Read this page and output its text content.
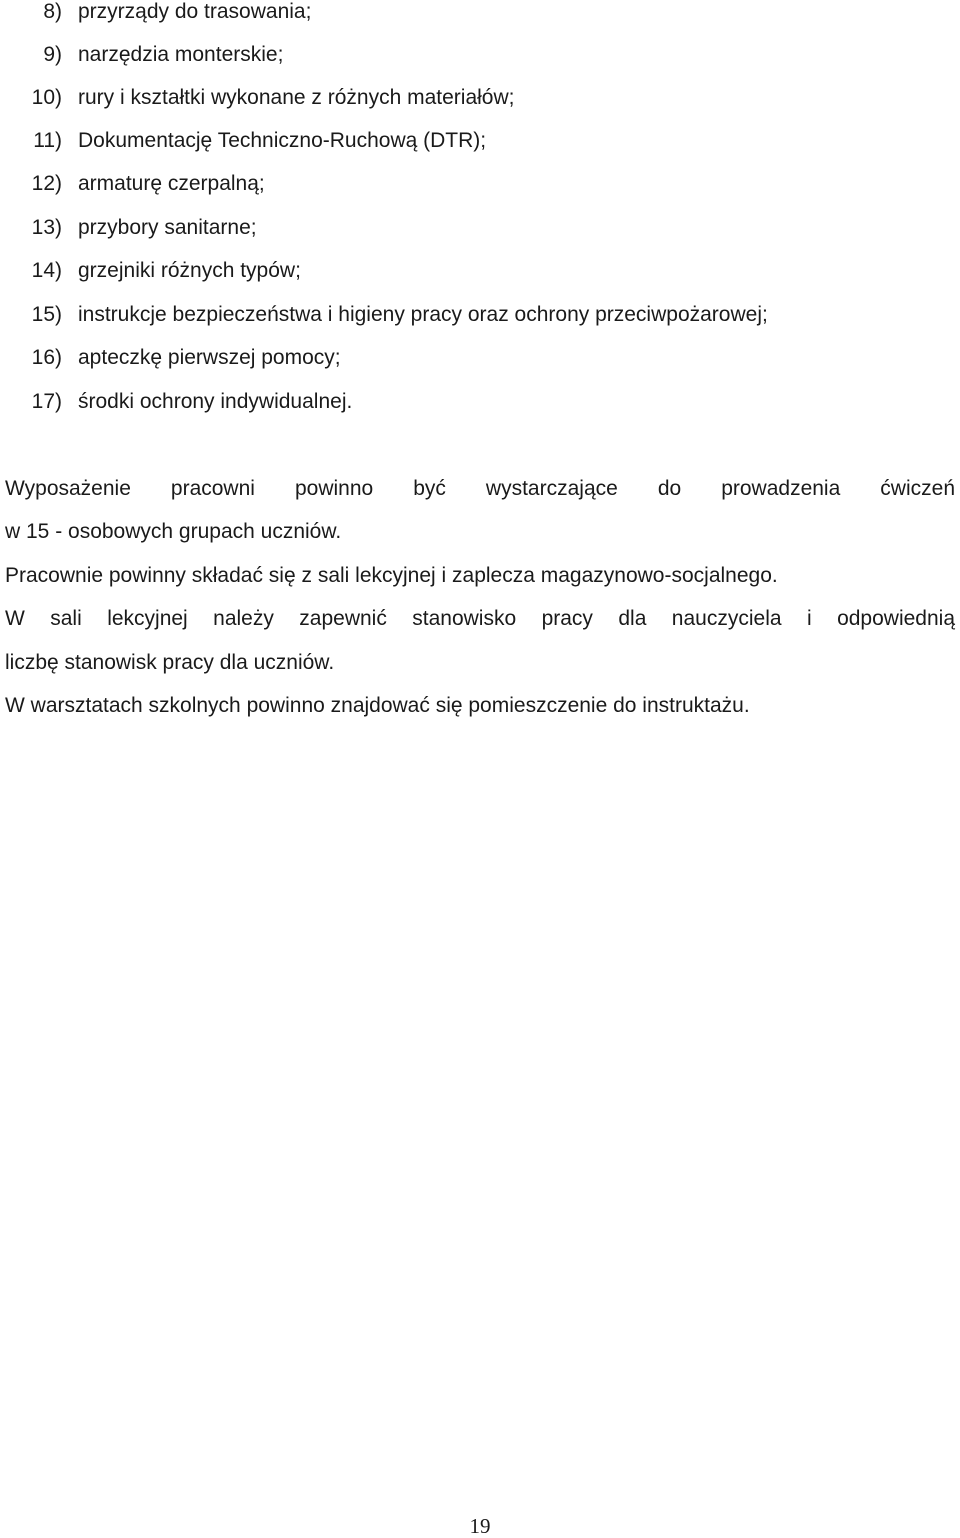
8) przyrządy do trasowania;
9) narzędzia monterskie;
10) rury i kształtki wykonane z różnych materiałów;
11) Dokumentację Techniczno-Ruchową (DTR);
12) armaturę czerpalną;
13) przybory sanitarne;
14) grzejniki różnych typów;
15) instrukcje bezpieczeństwa i higieny pracy oraz ochrony przeciwpożarowej;
16) apteczkę pierwszej pomocy;
17) środki ochrony indywidualnej.
Wyposażenie pracowni powinno być wystarczające do prowadzenia ćwiczeń
w 15 - osobowych grupach uczniów.
Pracownie powinny składać się z sali lekcyjnej i zaplecza magazynowo-socjalnego.
W sali lekcyjnej należy zapewnić stanowisko pracy dla nauczyciela i odpowiednią
liczbę stanowisk pracy dla uczniów.
W warsztatach szkolnych powinno znajdować się pomieszczenie do instruktażu.
19
